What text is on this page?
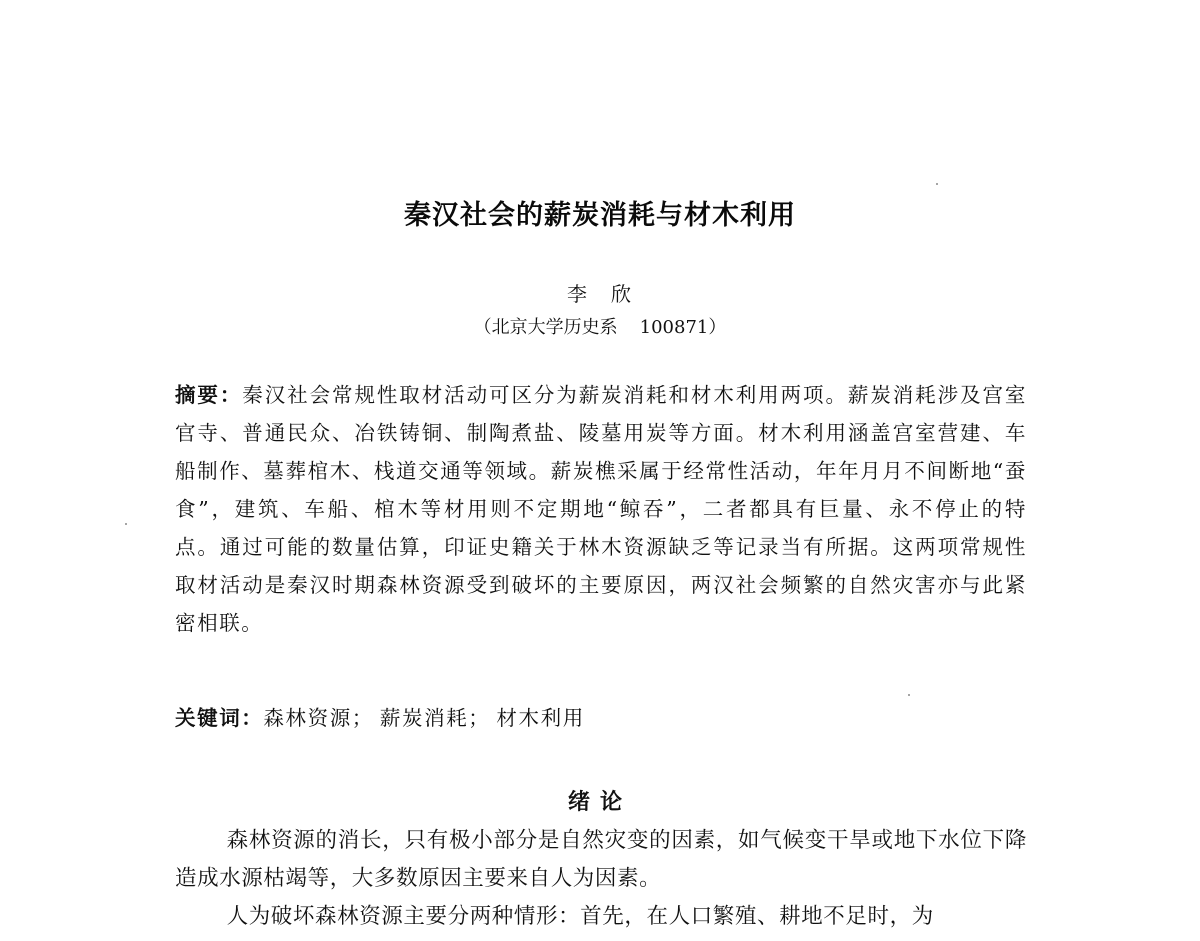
秦汉社会的薪炭消耗与材木利用
李　欣
（北京大学历史系 100871）
摘要：秦汉社会常规性取材活动可区分为薪炭消耗和材木利用两项。薪炭消耗涉及宫室官寺、普通民众、冶铁铸铜、制陶煮盐、陵墓用炭等方面。材木利用涵盖宫室营建、车船制作、墓葬棺木、栈道交通等领域。薪炭樵采属于经常性活动，年年月月不间断地“蚕食”，建筑、车船、棺木等材用则不定期地“鲸吞”，二者都具有巨量、永不停止的特点。通过可能的数量估算，印证史籍关于林木资源缺乏等记录当有所据。这两项常规性取材活动是秦汉时期森林资源受到破坏的主要原因，两汉社会频繁的自然灾害亦与此紧密相联。
关键词：森林资源； 薪炭消耗； 材木利用
绪论

森林资源的消长，只有极小部分是自然灾变的因素，如气候变干旱或地下水位下降造成水源枯竭等，大多数原因主要来自人为因素。

人为破坏森林资源主要分两种情形：首先，在人口繁殖、耕地不足时，为
